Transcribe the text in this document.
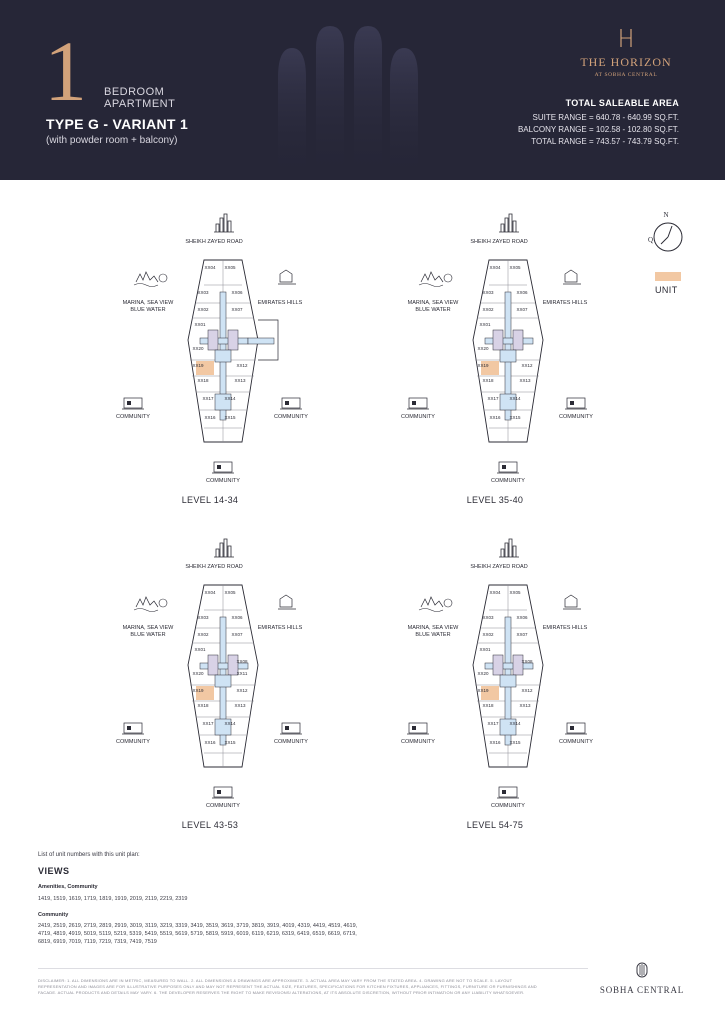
1 BEDROOM
APARTMENT
TYPE G - VARIANT 1
(with powder room + balcony)
THE HORIZON
AT SOBHA CENTRAL
TOTAL SALEABLE AREA
SUITE RANGE = 640.78 - 640.99 SQ.FT.
BALCONY RANGE = 102.58 - 102.80 SQ.FT.
TOTAL RANGE = 743.57 - 743.79 SQ.FT.
N
Q
UNIT
SHEIKH ZAYED ROAD
MARINA, SEA VIEW
BLUE WATER
EMIRATES HILLS
COMMUNITY	COMMUNITY
COMMUNITY
XX04 XX05
XX03	XX06
XX02	XX07
XX01
XX20
XX19	XX12
XX18	XX13
XX17 XX14
XX16 XX15
LEVEL 14-34
SHEIKH ZAYED ROAD
MARINA, SEA VIEW
BLUE WATER
EMIRATES HILLS
COMMUNITY	COMMUNITY
COMMUNITY
XX04 XX05
XX03	XX06
XX02	XX07
XX01
XX20
XX19	XX12
XX18	XX13
XX17 XX14
XX16 XX15
LEVEL 35-40
SHEIKH ZAYED ROAD
MARINA, SEA VIEW
BLUE WATER
EMIRATES HILLS
COMMUNITY	COMMUNITY
COMMUNITY
XX04 XX05
XX03	XX06
XX02	XX07
XX01
XX08
XX20	XX11
XX19	XX12
XX18	XX13
XX17 XX14
XX16 XX15
LEVEL 43-53
SHEIKH ZAYED ROAD
MARINA, SEA VIEW
BLUE WATER
EMIRATES HILLS
COMMUNITY	COMMUNITY
COMMUNITY
XX04 XX05
XX03	XX06
XX02	XX07
XX01
XX08
XX20
XX19	XX12
XX18	XX13
XX17 XX14
XX16 XX15
LEVEL 54-75
List of unit numbers with this unit plan:
VIEWS
Amenities, Community
1419, 1519, 1619, 1719, 1819, 1919, 2019, 2119, 2219, 2319
Community
2419, 2519, 2619, 2719, 2819, 2919, 3019, 3119, 3219, 3319, 3419, 3519, 3619, 3719, 3819, 3919, 4019, 4319, 4419, 4519, 4619,
4719, 4819, 4919, 5019, 5119, 5219, 5319, 5419, 5519, 5619, 5719, 5819, 5919, 6019, 6119, 6219, 6319, 6419, 6519, 6619, 6719,
6819, 6919, 7019, 7119, 7219, 7319, 7419, 7519
DISCLAIMER: 1. ALL DIMENSIONS ARE IN METRIC, MEASURED TO WALL. 2. ALL DIMENSIONS & DRAWINGS ARE APPROXIMATE. 3. ACTUAL AREA MAY VARY FROM THE STATED AREA. 4. DRAWING ARE NOT TO SCALE. 5. LAYOUT
REPRESENTATION AND IMAGES ARE FOR ILLUSTRATIVE PURPOSES ONLY AND MAY NOT REPRESENT THE ACTUAL SIZE, FEATURES, SPECIFICATIONS FOR KITCHEN FIXTURES, APPLIANCES, FITTINGS, FURNITURE OR FURNISHINGS AND
FACADE. ACTUAL PRODUCTS AND DETAILS MAY VARY. 6. THE DEVELOPER RESERVES THE RIGHT TO MAKE REVISIONS/ ALTERATIONS, AT ITS ABSOLUTE DISCRETION, WITHOUT PRIOR INTIMATION OR ANY LIABILITY WHATSOEVER.	SOBHA CENTRAL
